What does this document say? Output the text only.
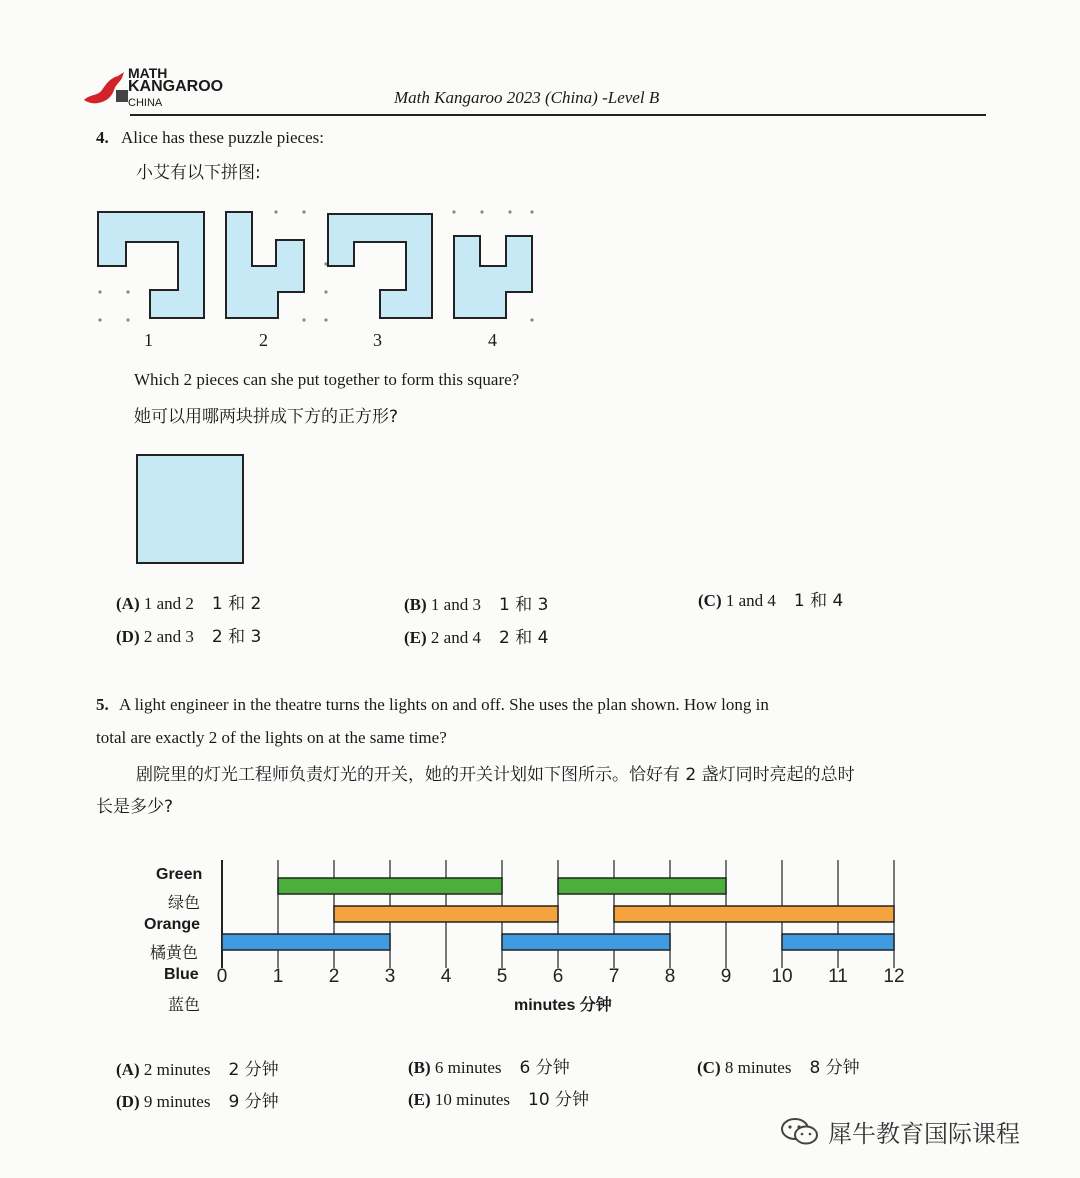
MATH
KANGAROO
CHINA	Math Kangaroo 2023 (China) -Level B
4. Alice has these puzzle pieces:
小艾有以下拼图:
1	2	3	4
Which 2 pieces can she put together to form this square?
她可以用哪两块拼成下方的正方形?
(A) 1 and 2 1 和 2	(B) 1 and 3 1 和 3	(C) 1 and 4 1 和 4
(D) 2 and 3 2 和 3	(E) 2 and 4 2 和 4
5. A light engineer in the theatre turns the lights on and off. She uses the plan shown. How long in
total are exactly 2 of the lights on at the same time?
剧院里的灯光工程师负责灯光的开关，她的开关计划如下图所示。恰好有 2 盏灯同时亮起的总时
长是多少?
Green
绿色
Orange
橘黄色
Blue
蓝色
0 1 2 3 4 5 6 7 8 9 10 11 12
minutes 分钟
(A) 2 minutes 2 分钟	(B) 6 minutes 6 分钟	(C) 8 minutes 8 分钟
(D) 9 minutes 9 分钟	(E) 10 minutes 10 分钟
犀牛教育国际课程
